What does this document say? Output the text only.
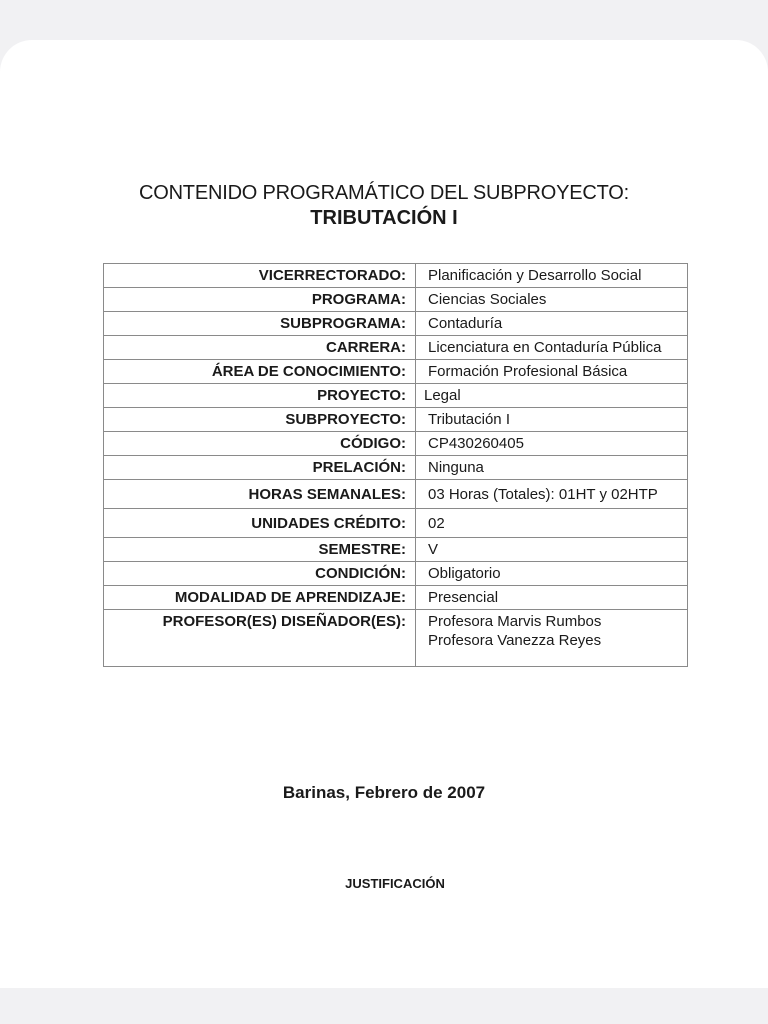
CONTENIDO PROGRAMÁTICO DEL SUBPROYECTO:
TRIBUTACIÓN I
VICERRECTORADO:	Planificación y Desarrollo Social
PROGRAMA:	Ciencias Sociales
SUBPROGRAMA:	Contaduría
CARRERA:	Licenciatura en Contaduría Pública
ÁREA DE CONOCIMIENTO:	Formación Profesional Básica
PROYECTO:	Legal
SUBPROYECTO:	Tributación I
CÓDIGO:	CP430260405
PRELACIÓN:	Ninguna
HORAS SEMANALES:	03 Horas (Totales): 01HT y 02HTP
UNIDADES CRÉDITO:	02
SEMESTRE:	V
CONDICIÓN:	Obligatorio
MODALIDAD DE APRENDIZAJE:	Presencial
PROFESOR(ES) DISEÑADOR(ES):	Profesora Marvis Rumbos
Profesora Vanezza Reyes
Barinas, Febrero de 2007
JUSTIFICACIÓN
